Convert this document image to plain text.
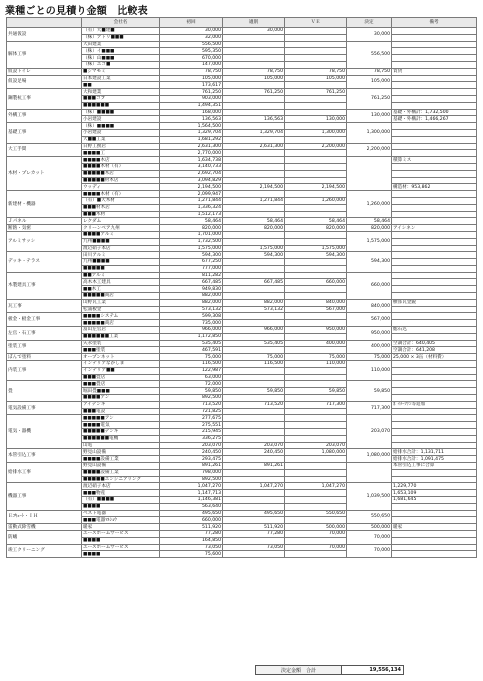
業種ごとの見積り金額　比較表
	会社名	初回	適削	ＶＥ	決定	備考
共通仮設	（有）大■建■	30,000	30,000		30,000	
	（株）アトリ■■■	32,000				
解体工事	大田建業	556,500			556,500	
	（株）イ■■■	595,350				
	（株）山■■■	670,000				
	（株）エコ■	147,000				
仮設トイレ	■ジマモミ	78,750	78,750	78,750	78,750	賃貸
仮設足場	日本建設工業	105,000	105,000	105,000	105,000	
	■■	173,617				
鋼製杭工事	大和建業	761,250	761,250	761,250	761,250	
	■■■コブ	903,000				
	■■■■■■	1,494,351				
外構工事	（株）■■■■	168,000			130,000	基礎・外構計：1,732,500
	小岩建設	136,563	136,563	130,000		基礎・外構計：1,466,267
基礎工事	（株）■■■■	1,564,500			1,300,000	
	小岩建設	1,329,704	1,329,704	1,300,000		
	大■■工業	1,681,292				
大工手間	日野工務店	2,631,300	2,631,300	2,200,000	2,200,000	
	■■■■工	2,770,000				
木材・プレカット	■■■■木店	1,634,738				積算ミス
	■■■■木材（有）	3,140,733				
	■■■■■木店	2,692,704				
	■■■■■材木店	3,094,829				
	ウッディ	2,194,500	2,194,500	2,194,500		構造材：953,862
新建材・機器	■■■■木材（有）	2,099,947			1,260,000	
	（有）■大木材	1,271,844	1,271,844	1,260,000		
	■■■材木店	1,336,324				
	■■■木材	1,512,173				
Ｊパネル	レクダム	58,464	58,464	58,464	58,464	
断熱・気密	クリーンベア九州	820,000	820,000	820,000	820,000	アイシネン
アルミサッシ	■■■■アルミ	1,701,000			1,575,000	
	九州■■■■	1,732,500				
	渡辺硝子本店	1,575,000	1,575,000	1,575,000		
デッキ・テラス	田川アルミ	594,300	594,300	594,300	594,300	
	九州■■■■	677,250				
	■■■■■	777,000				
木製建具工事	■■アルミ	811,282			660,000	
	高木木工建具	667,485	667,485	660,000		
	■■木工	949,830				
	■■■■■商店	882,000				
瓦工事	山野瓦工業	882,000	882,000	840,000	840,000	横葺瓦金鋭
	松浦板金	573,132	573,132	567,000		
板金・板金工事	■■■■システム	599,308			567,000	
	■■■■■商店	735,000				
左官・石工事	富山左官店	966,000	966,000	950,000	950,000	総石込
	■■■■■■工業	1,172,850				
塗装工事	矢永塗装	535,405	535,405	400,000	400,000	空調合計：640,405
	■■■塗装	467,591				空調合計：641,208
ぼんで塗料	オープンネット	75,000	75,000	75,000	75,000	25,000 × 3缶（材料費）
内装工事	インテリアなかしま	116,500	116,500	110,000	110,000	
	インテリア■■	122,987				
	■■■畳店	63,000				
畳	■■■畳店	72,000			59,850	
	堀田畳■■■	59,850	59,850	59,850		
	■■■■アン	892,500				
電気設備工事	アイデンキ	713,520	713,520	717,300	717,300	ﾎﾞｲﾗｰﾌｧﾝ等追加
	■■■電設	721,825				
電気・器機	■■■■■アン	277,675			203,070	
	■■■■電気	275,551				
	■■■■■デンキ	215,945				
	■■■■■■電機	336,275				
	山電	203,070	203,070	203,070		
本管引込工事	野見山設備	240,450	240,450	1,080,000	1,080,000	給排水合計：1,131,711
	■■■■設備工業	293,475				給排水合計：1,091,475
給排水工事	野見山設備	891,261	891,261			本管引込工事に合算
	■■■■設備工業	798,000				
	■■■■■エンジニアリング	892,500				
機器工事	渡辺硝子本店	1,047,270	1,047,270	1,047,270	1,039,500	1,229,770
	■■■物産	1,147,713				1,653,109
	（有）■■■■	1,146,381				1,681,645
	■■■■	563,640				
Ｅｺｷｭｰﾄ・ＩＨ	ベスト電器	495,650	495,650	550,650	550,650	
	■■■電器ﾏﾙｼｮｳ	660,000				
雷動式除雪機	暖家	511,920	511,920	500,000	500,000	暖家
防蟻	エースホームサービス	77,280	77,280	70,000	70,000	
	■■■■	164,850				
竣工クリーニング	エースホームサービス	73,050	73,050	70,000	70,000	
	■■■■	75,600				
決定金額　合計	19,556,134
